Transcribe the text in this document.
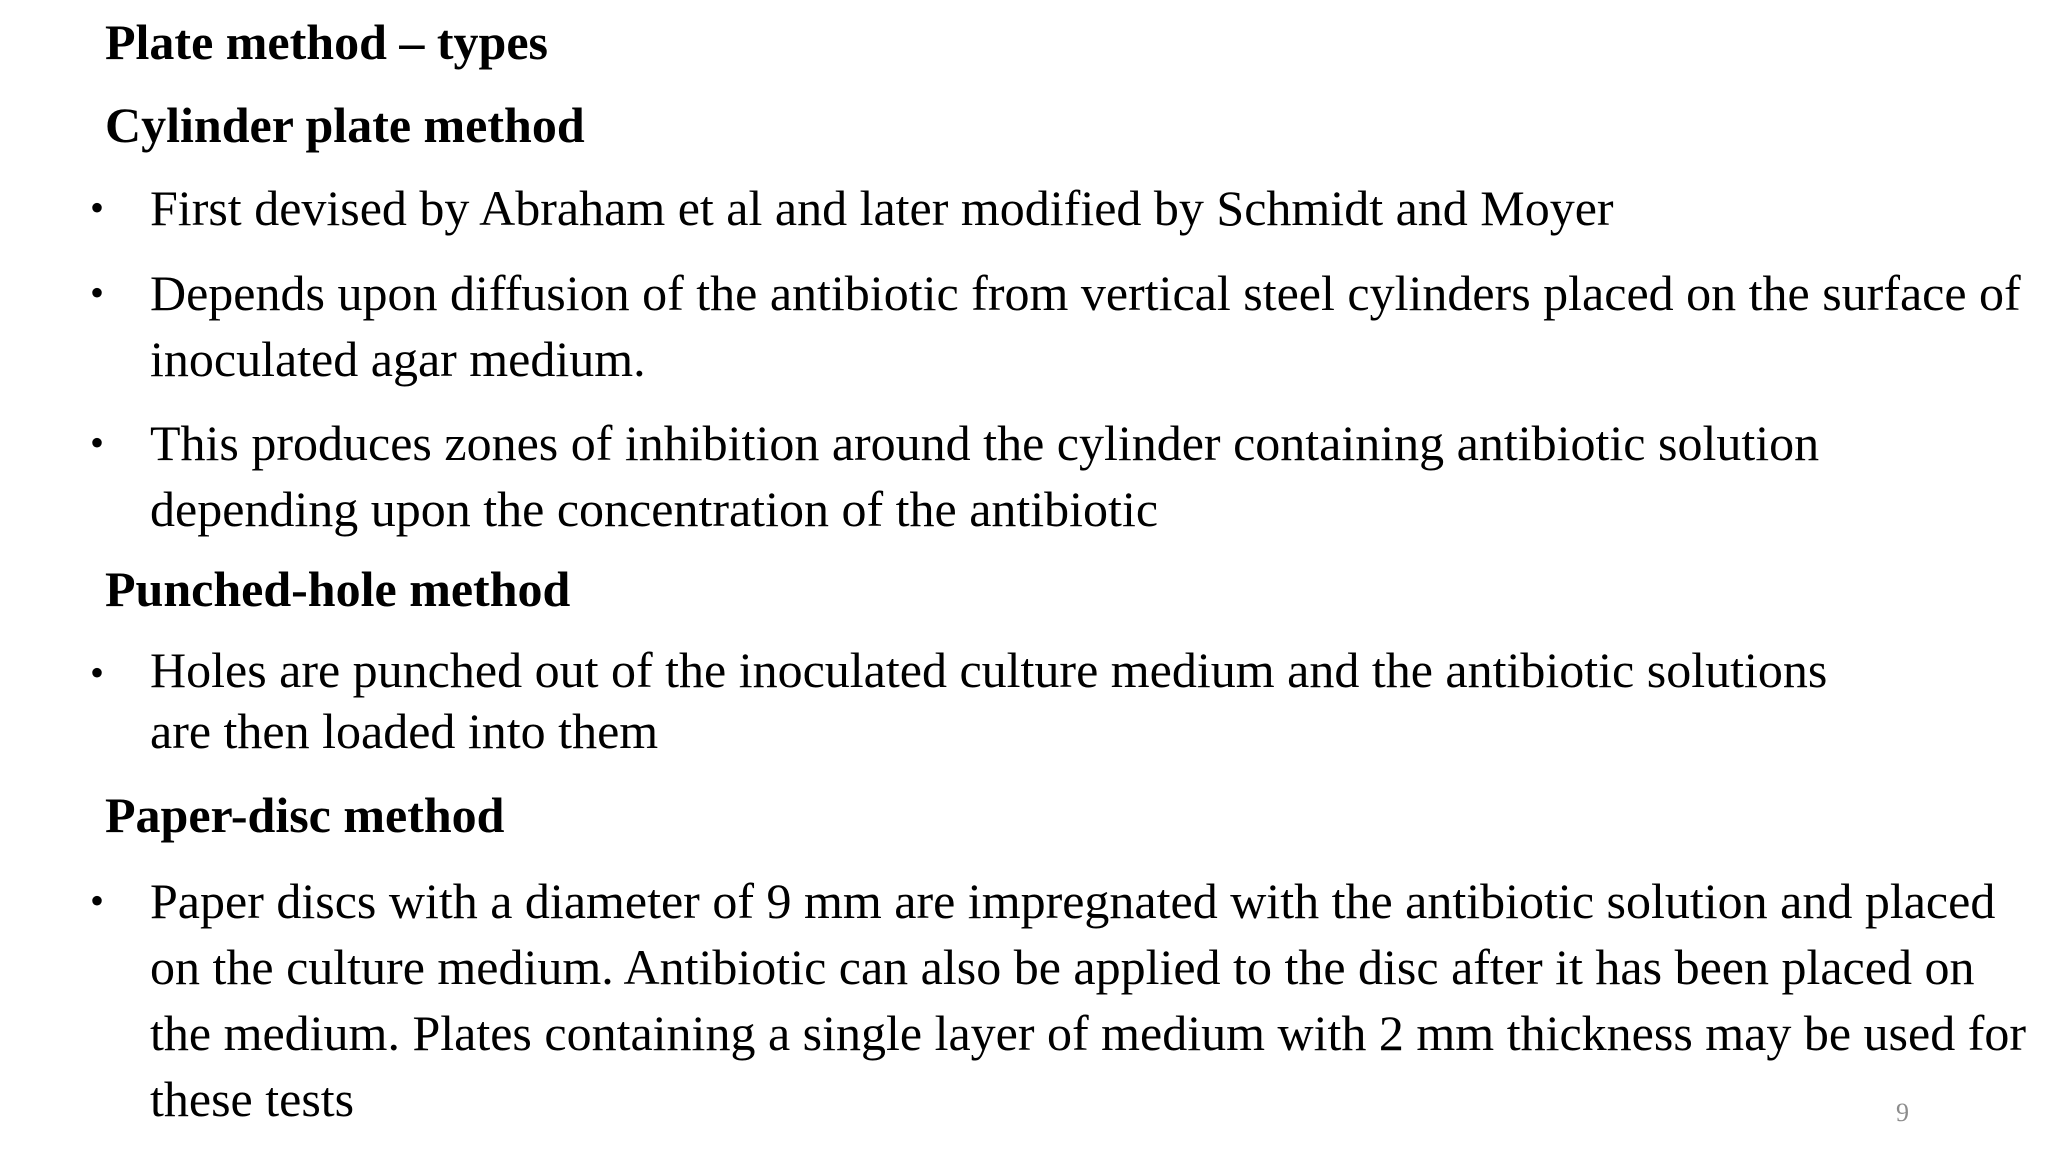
Plate method – types
Cylinder plate method
• First devised by Abraham et al and later modified by Schmidt and Moyer

• Depends upon diffusion of the antibiotic from vertical steel cylinders placed on the surface of inoculated agar medium.

• This produces zones of inhibition around the cylinder containing antibiotic solution depending upon the concentration of the antibiotic

Punched-hole method
• Holes are punched out of the inoculated culture medium and the antibiotic solutions are then loaded into them

Paper-disc method
• Paper discs with a diameter of 9 mm are impregnated with the antibiotic solution and placed on the culture medium. Antibiotic can also be applied to the disc after it has been placed on the medium. Plates containing a single layer of medium with 2 mm thickness may be used for these tests	9
